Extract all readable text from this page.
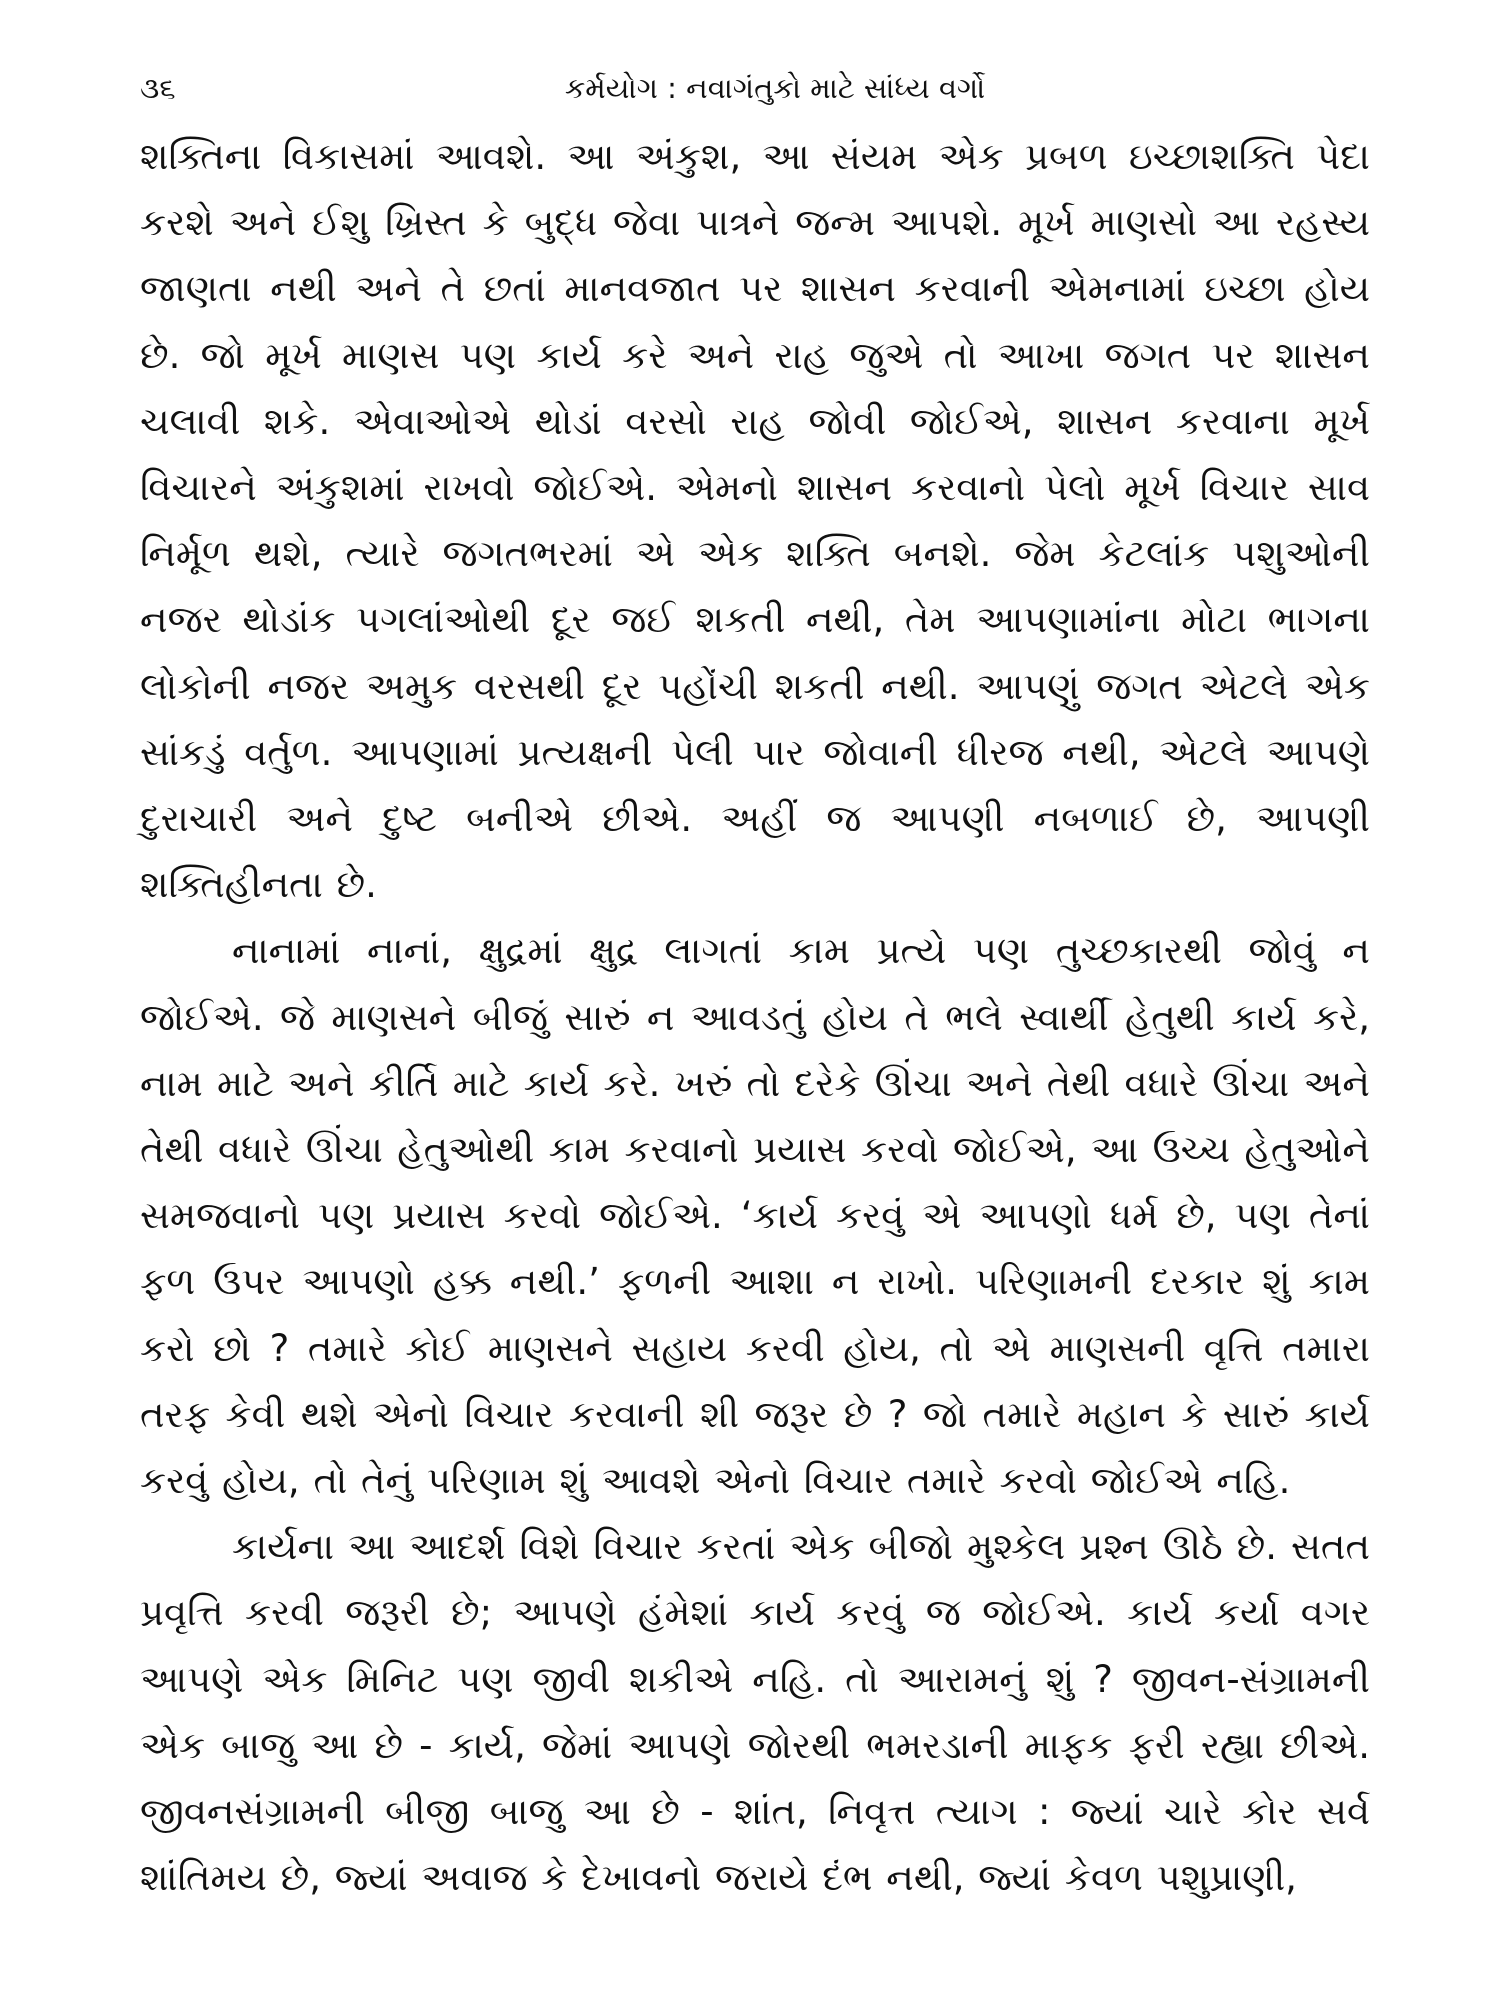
૩૬	કર્મયોગ : નવાગંતુકો માટે સાંધ્ય વર્ગો

શક્તિના વિકાસમાં આવશે. આ અંકુશ, આ સંયમ એક પ્રબળ ઇચ્છાશક્તિ પેદા કરશે અને ઈશુ ખ્રિસ્ત કે બુદ્ધ જેવા પાત્રને જન્મ આપશે. મૂર્ખ માણસો આ રહસ્ય જાણતા નથી અને તે છતાં માનવજાત પર શાસન કરવાની એમનામાં ઇચ્છા હોય છે. જો મૂર્ખ માણસ પણ કાર્ય કરે અને રાહ જુએ તો આખા જગત પર શાસન ચલાવી શકે. એવાઓએ થોડાં વરસો રાહ જોવી જોઈએ, શાસન કરવાના મૂર્ખ વિચારને અંકુશમાં રાખવો જોઈએ. એમનો શાસન કરવાનો પેલો મૂર્ખ વિચાર સાવ નિર્મૂળ થશે, ત્યારે જગતભરમાં એ એક શક્તિ બનશે. જેમ કેટલાંક પશુઓની નજર થોડાંક પગલાંઓથી દૂર જઈ શકતી નથી, તેમ આપણામાંના મોટા ભાગના લોકોની નજર અમુક વરસથી દૂર પહોંચી શકતી નથી. આપણું જગત એટલે એક સાંકડું વર્તુળ. આપણામાં પ્રત્યક્ષની પેલી પાર જોવાની ધીરજ નથી, એટલે આપણે દુરાચારી અને દુષ્ટ બનીએ છીએ. અહીં જ આપણી નબળાઈ છે, આપણી શક્તિહીનતા છે.

નાનામાં નાનાં, ક્ષુદ્રમાં ક્ષુદ્ર લાગતાં કામ પ્રત્યે પણ તુચ્છકારથી જોવું ન જોઈએ. જે માણસને બીજું સારું ન આવડતું હોય તે ભલે સ્વાર્થી હેતુથી કાર્ય કરે, નામ માટે અને કીર્તિ માટે કાર્ય કરે. ખરું તો દરેકે ઊંચા અને તેથી વધારે ઊંચા અને તેથી વધારે ઊંચા હેતુઓથી કામ કરવાનો પ્રયાસ કરવો જોઈએ, આ ઉચ્ચ હેતુઓને સમજવાનો પણ પ્રયાસ કરવો જોઈએ. ‘કાર્ય કરવું એ આપણો ધર્મ છે, પણ તેનાં ફળ ઉપર આપણો હક્ક નથી.’ ફળની આશા ન રાખો. પરિણામની દરકાર શું કામ કરો છો ? તમારે કોઈ માણસને સહાય કરવી હોય, તો એ માણસની વૃત્તિ તમારા તરફ કેવી થશે એનો વિચાર કરવાની શી જરૂર છે ? જો તમારે મહાન કે સારું કાર્ય કરવું હોય, તો તેનું પરિણામ શું આવશે એનો વિચાર તમારે કરવો જોઈએ નહિ.

કાર્યના આ આદર્શ વિશે વિચાર કરતાં એક બીજો મુશ્કેલ પ્રશ્ન ઊઠે છે. સતત પ્રવૃત્તિ કરવી જરૂરી છે; આપણે હંમેશાં કાર્ય કરવું જ જોઈએ. કાર્ય કર્યા વગર આપણે એક મિનિટ પણ જીવી શકીએ નહિ. તો આરામનું શું ? જીવન-સંગ્રામની એક બાજુ આ છે - કાર્ય, જેમાં આપણે જોરથી ભમરડાની માફક ફરી રહ્યા છીએ. જીવનસંગ્રામની બીજી બાજુ આ છે - શાંત, નિવૃત્ત ત્યાગ : જ્યાં ચારે કોર સર્વ શાંતિમય છે, જ્યાં અવાજ કે દેખાવનો જરાયે દંભ નથી, જ્યાં કેવળ પશુપ્રાણી,
